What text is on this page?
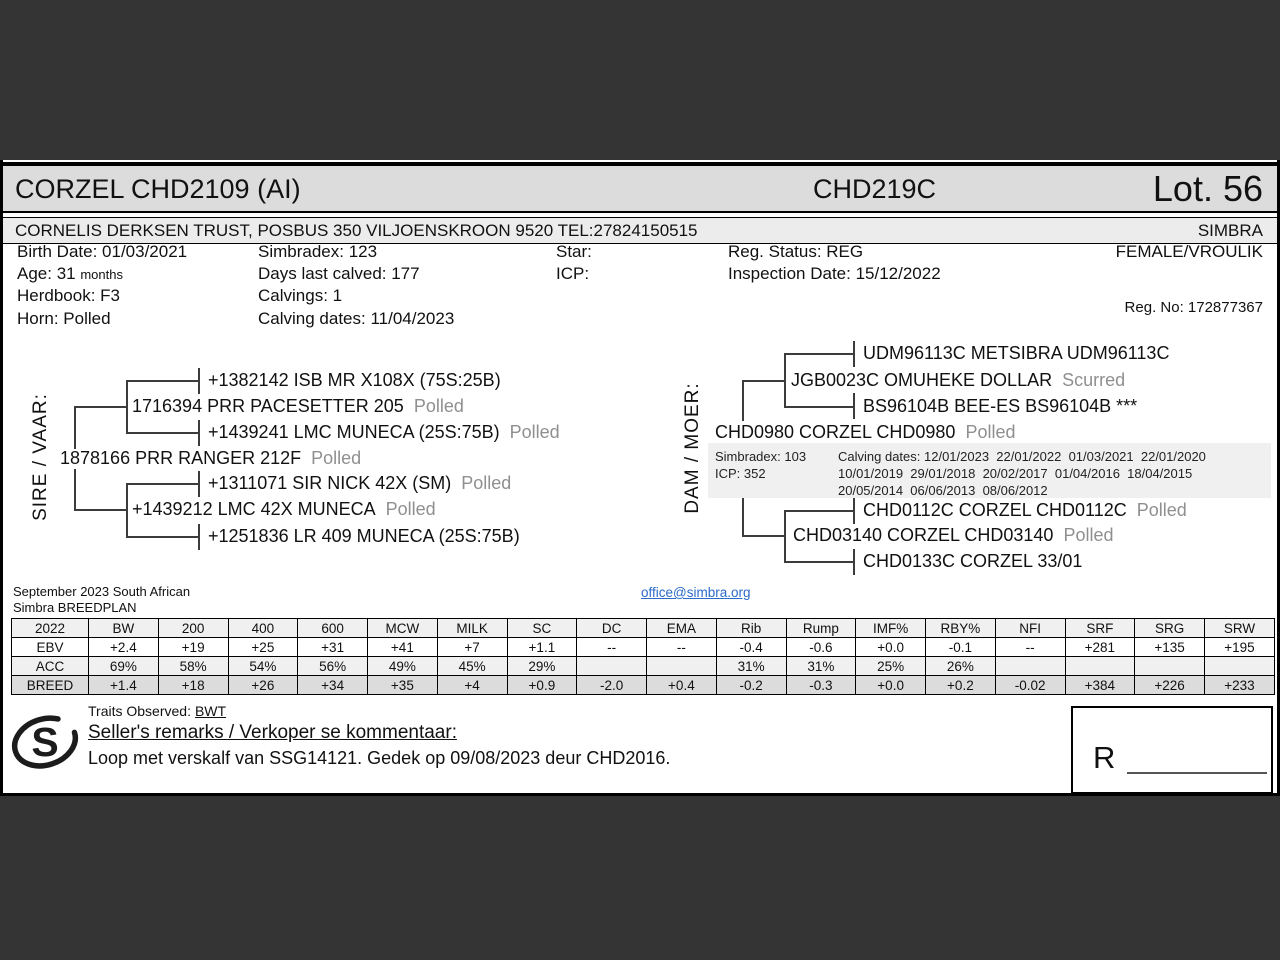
CORZEL CHD2109 (AI)	CHD219C	Lot. 56
CORNELIS DERKSEN TRUST, POSBUS 350 VILJOENSKROON 9520 TEL:27824150515	SIMBRA
Birth Date: 01/03/2021
Age: 31 months
Herdbook: F3
Horn: Polled
Simbradex: 123
Days last calved: 177
Calvings: 1
Calving dates: 11/04/2023
Star:
ICP:
Reg. Status: REG
Inspection Date: 15/12/2022
FEMALE/VROULIK
Reg. No: 172877367
SIRE / VAAR:	DAM / MOER:
+1382142 ISB MR X108X (75S:25B)
1716394 PRR PACESETTER 205 Polled
+1439241 LMC MUNECA (25S:75B) Polled
1878166 PRR RANGER 212F Polled
+1311071 SIR NICK 42X (SM) Polled
+1439212 LMC 42X MUNECA Polled
+1251836 LR 409 MUNECA (25S:75B)
UDM96113C METSIBRA UDM96113C
JGB0023C OMUHEKE DOLLAR Scurred
BS96104B BEE-ES BS96104B ***
CHD0980 CORZEL CHD0980 Polled
CHD0112C CORZEL CHD0112C Polled
CHD03140 CORZEL CHD03140 Polled
CHD0133C CORZEL 33/01
Simbradex: 103
ICP: 352
Calving dates: 12/01/2023  22/01/2022  01/03/2021  22/01/2020
10/01/2019  29/01/2018  20/02/2017  01/04/2016  18/04/2015
20/05/2014  06/06/2013  08/06/2012
September 2023 South African
Simbra BREEDPLAN
office@simbra.org
2022	BW	200	400	600	MCW	MILK	SC	DC	EMA	Rib	Rump	IMF%	RBY%	NFI	SRF	SRG	SRW
EBV	+2.4	+19	+25	+31	+41	+7	+1.1	--	--	-0.4	-0.6	+0.0	-0.1	--	+281	+135	+195
ACC	69%	58%	54%	56%	49%	45%	29%			31%	31%	25%	26%				
BREED	+1.4	+18	+26	+34	+35	+4	+0.9	-2.0	+0.4	-0.2	-0.3	+0.0	+0.2	-0.02	+384	+226	+233
S
Traits Observed: BWT
Seller's remarks / Verkoper se kommentaar:
Loop met verskalf van SSG14121. Gedek op 09/08/2023 deur CHD2016.	R
